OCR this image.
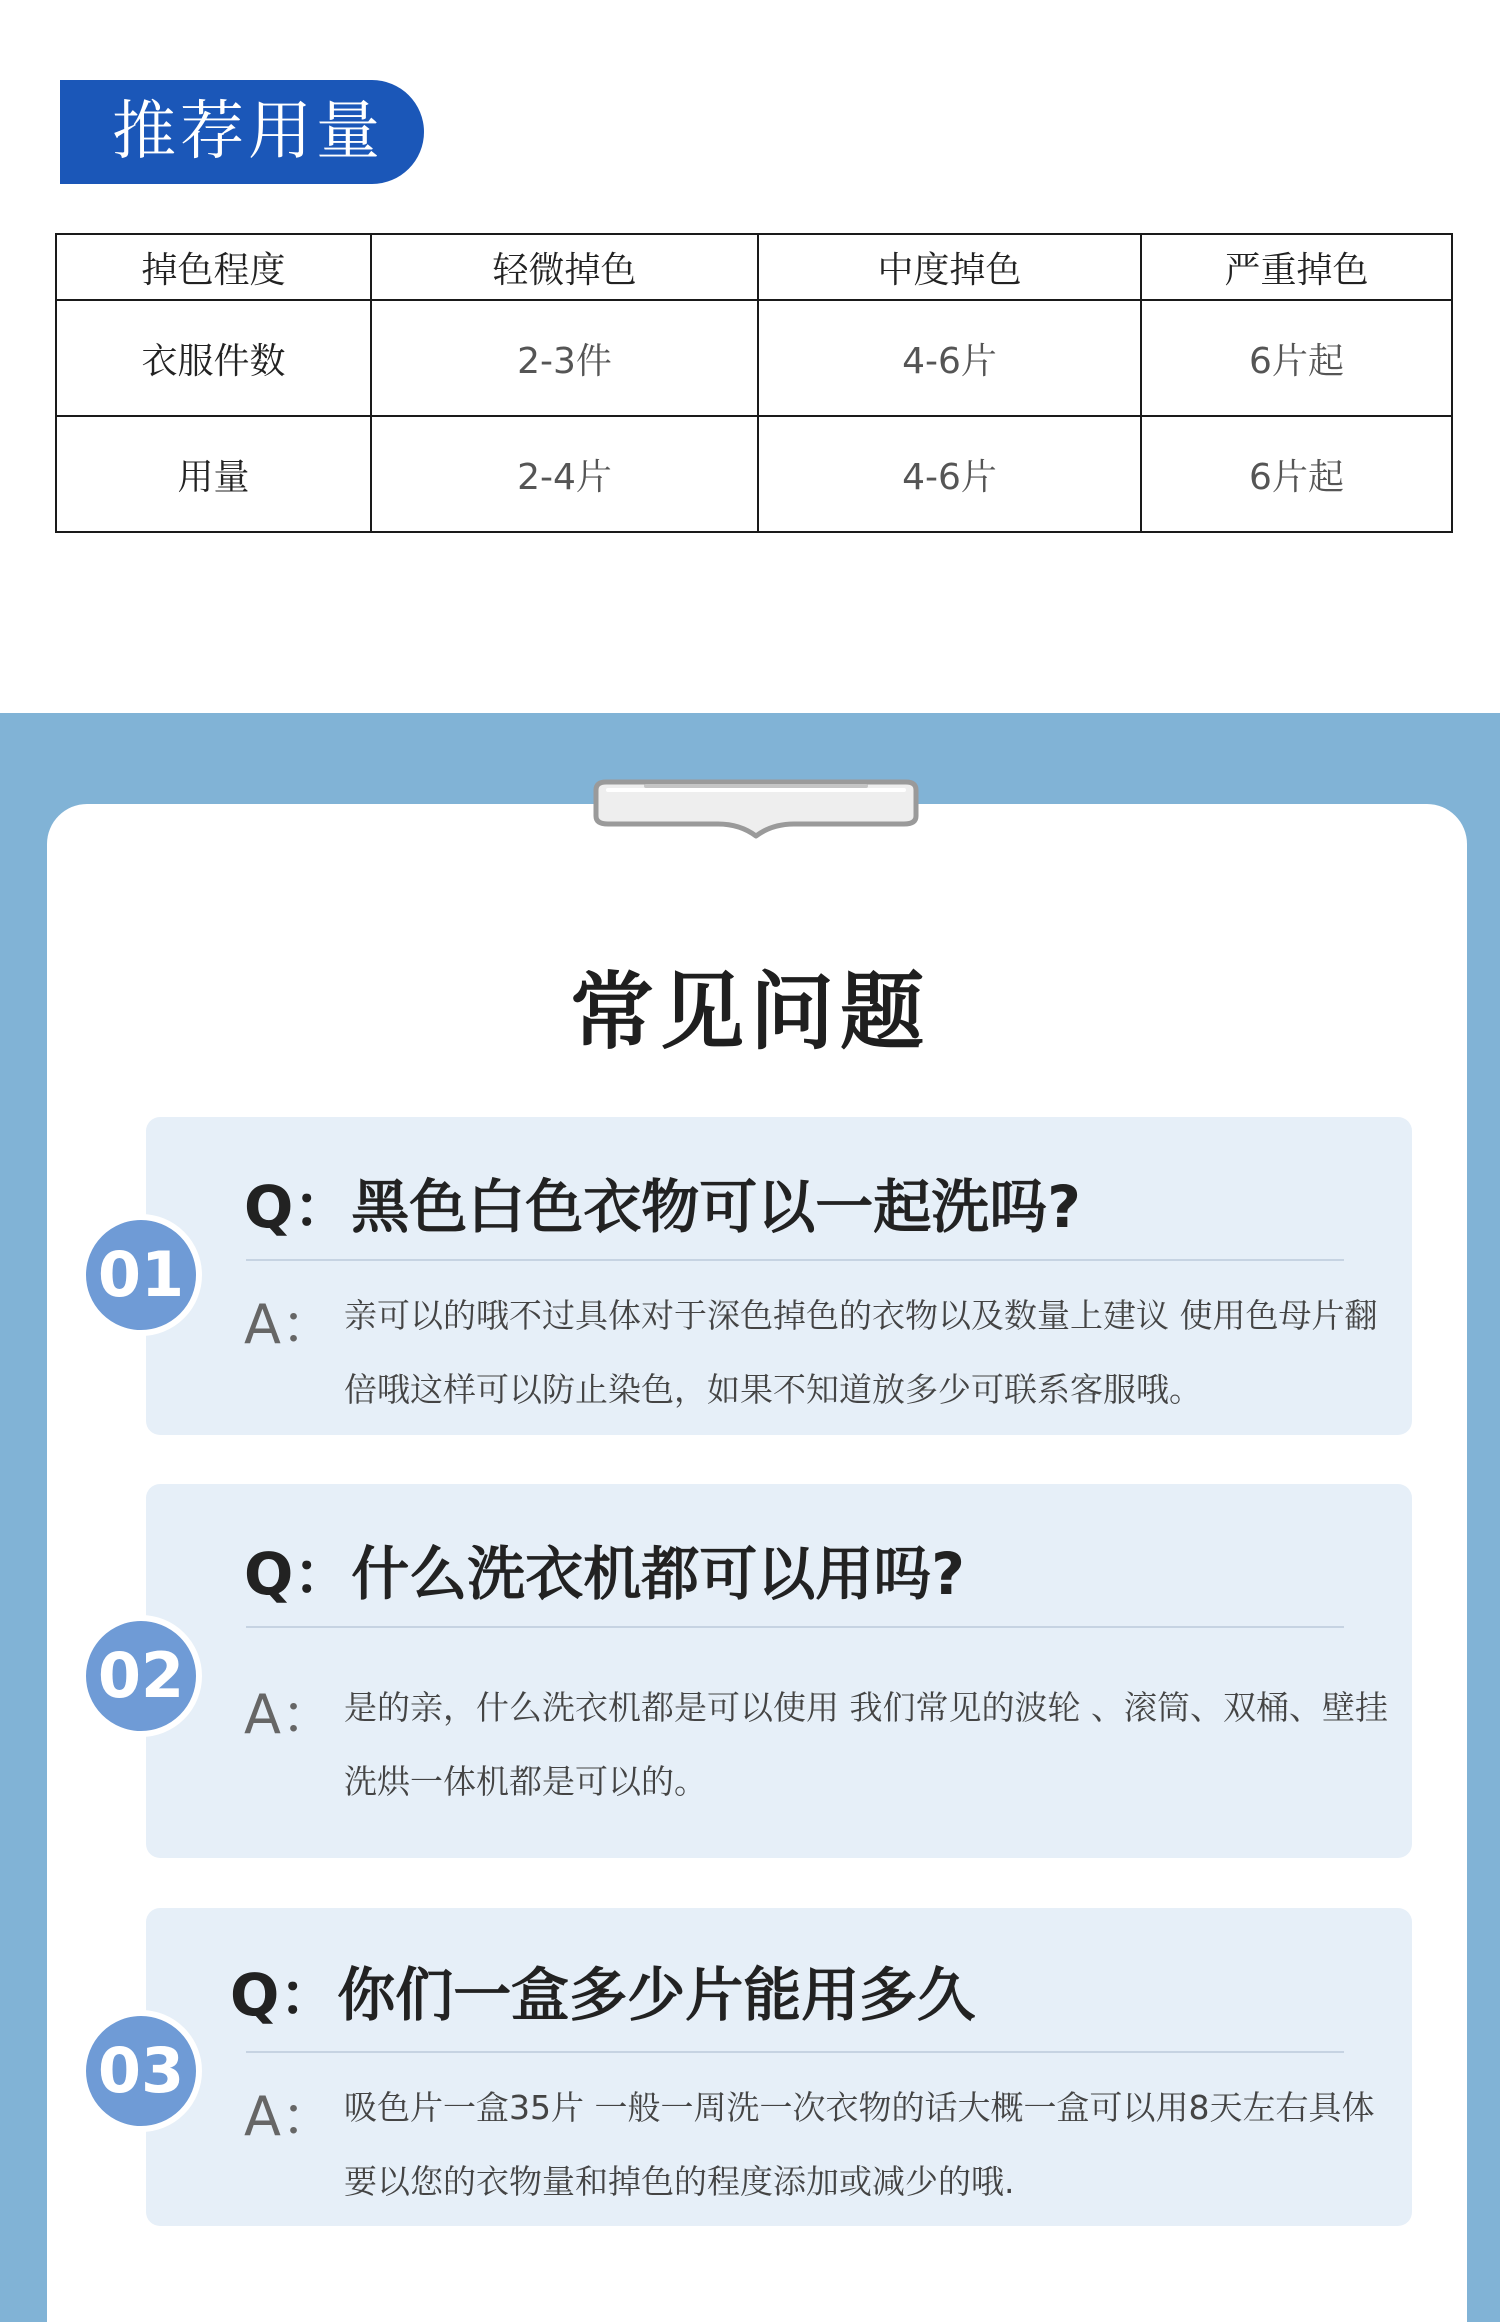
推荐用量
掉色程度	轻微掉色	中度掉色	严重掉色
衣服件数	2-3件	4-6片	6片起
用量	2-4片	4-6片	6片起
常见问题
01
Q：黑色白色衣物可以一起洗吗?
A： 亲可以的哦不过具体对于深色掉色的衣物以及数量上建议 使用色母片翻倍哦这样可以防止染色，如果不知道放多少可联系客服哦。
02
Q：什么洗衣机都可以用吗?
A： 是的亲，什么洗衣机都是可以使用 我们常见的波轮 、滚筒、双桶、壁挂 洗烘一体机都是可以的。
03
Q：你们一盒多少片能用多久
A： 吸色片一盒35片 一般一周洗一次衣物的话大概一盒可以用8天左右具体要以您的衣物量和掉色的程度添加或减少的哦.
